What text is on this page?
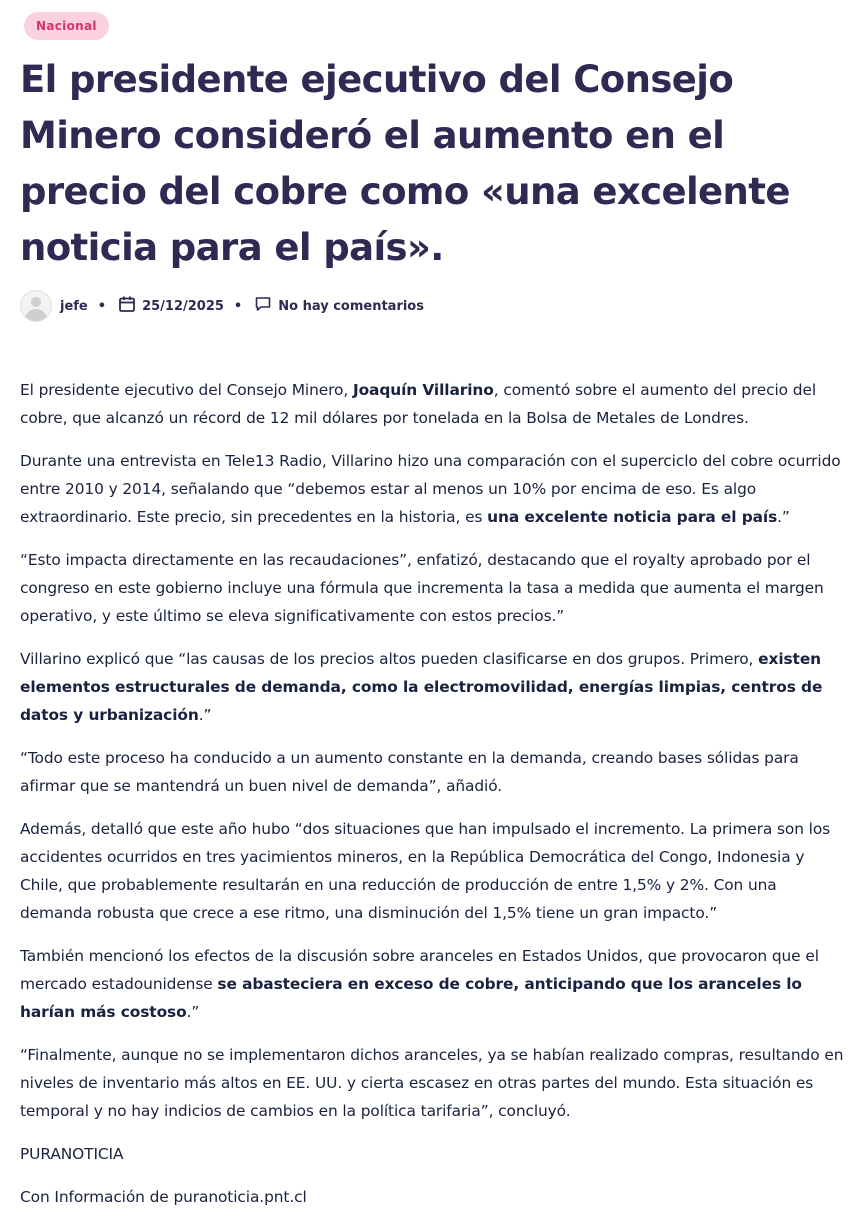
Nacional
El presidente ejecutivo del Consejo Minero consideró el aumento en el precio del cobre como «una excelente noticia para el país».
jefe •	25/12/2025 •	No hay comentarios

El presidente ejecutivo del Consejo Minero, Joaquín Villarino, comentó sobre el aumento del precio del cobre, que alcanzó un récord de 12 mil dólares por tonelada en la Bolsa de Metales de Londres.

Durante una entrevista en Tele13 Radio, Villarino hizo una comparación con el superciclo del cobre ocurrido entre 2010 y 2014, señalando que “debemos estar al menos un 10% por encima de eso. Es algo extraordinario. Este precio, sin precedentes en la historia, es una excelente noticia para el país.”

“Esto impacta directamente en las recaudaciones”, enfatizó, destacando que el royalty aprobado por el congreso en este gobierno incluye una fórmula que incrementa la tasa a medida que aumenta el margen operativo, y este último se eleva significativamente con estos precios.”

Villarino explicó que “las causas de los precios altos pueden clasificarse en dos grupos. Primero, existen elementos estructurales de demanda, como la electromovilidad, energías limpias, centros de datos y urbanización.”

“Todo este proceso ha conducido a un aumento constante en la demanda, creando bases sólidas para afirmar que se mantendrá un buen nivel de demanda”, añadió.

Además, detalló que este año hubo “dos situaciones que han impulsado el incremento. La primera son los accidentes ocurridos en tres yacimientos mineros, en la República Democrática del Congo, Indonesia y Chile, que probablemente resultarán en una reducción de producción de entre 1,5% y 2%. Con una demanda robusta que crece a ese ritmo, una disminución del 1,5% tiene un gran impacto.”

También mencionó los efectos de la discusión sobre aranceles en Estados Unidos, que provocaron que el mercado estadounidense se abasteciera en exceso de cobre, anticipando que los aranceles lo harían más costoso.”

“Finalmente, aunque no se implementaron dichos aranceles, ya se habían realizado compras, resultando en niveles de inventario más altos en EE. UU. y cierta escasez en otras partes del mundo. Esta situación es temporal y no hay indicios de cambios en la política tarifaria”, concluyó.

PURANOTICIA

Con Información de puranoticia.pnt.cl
